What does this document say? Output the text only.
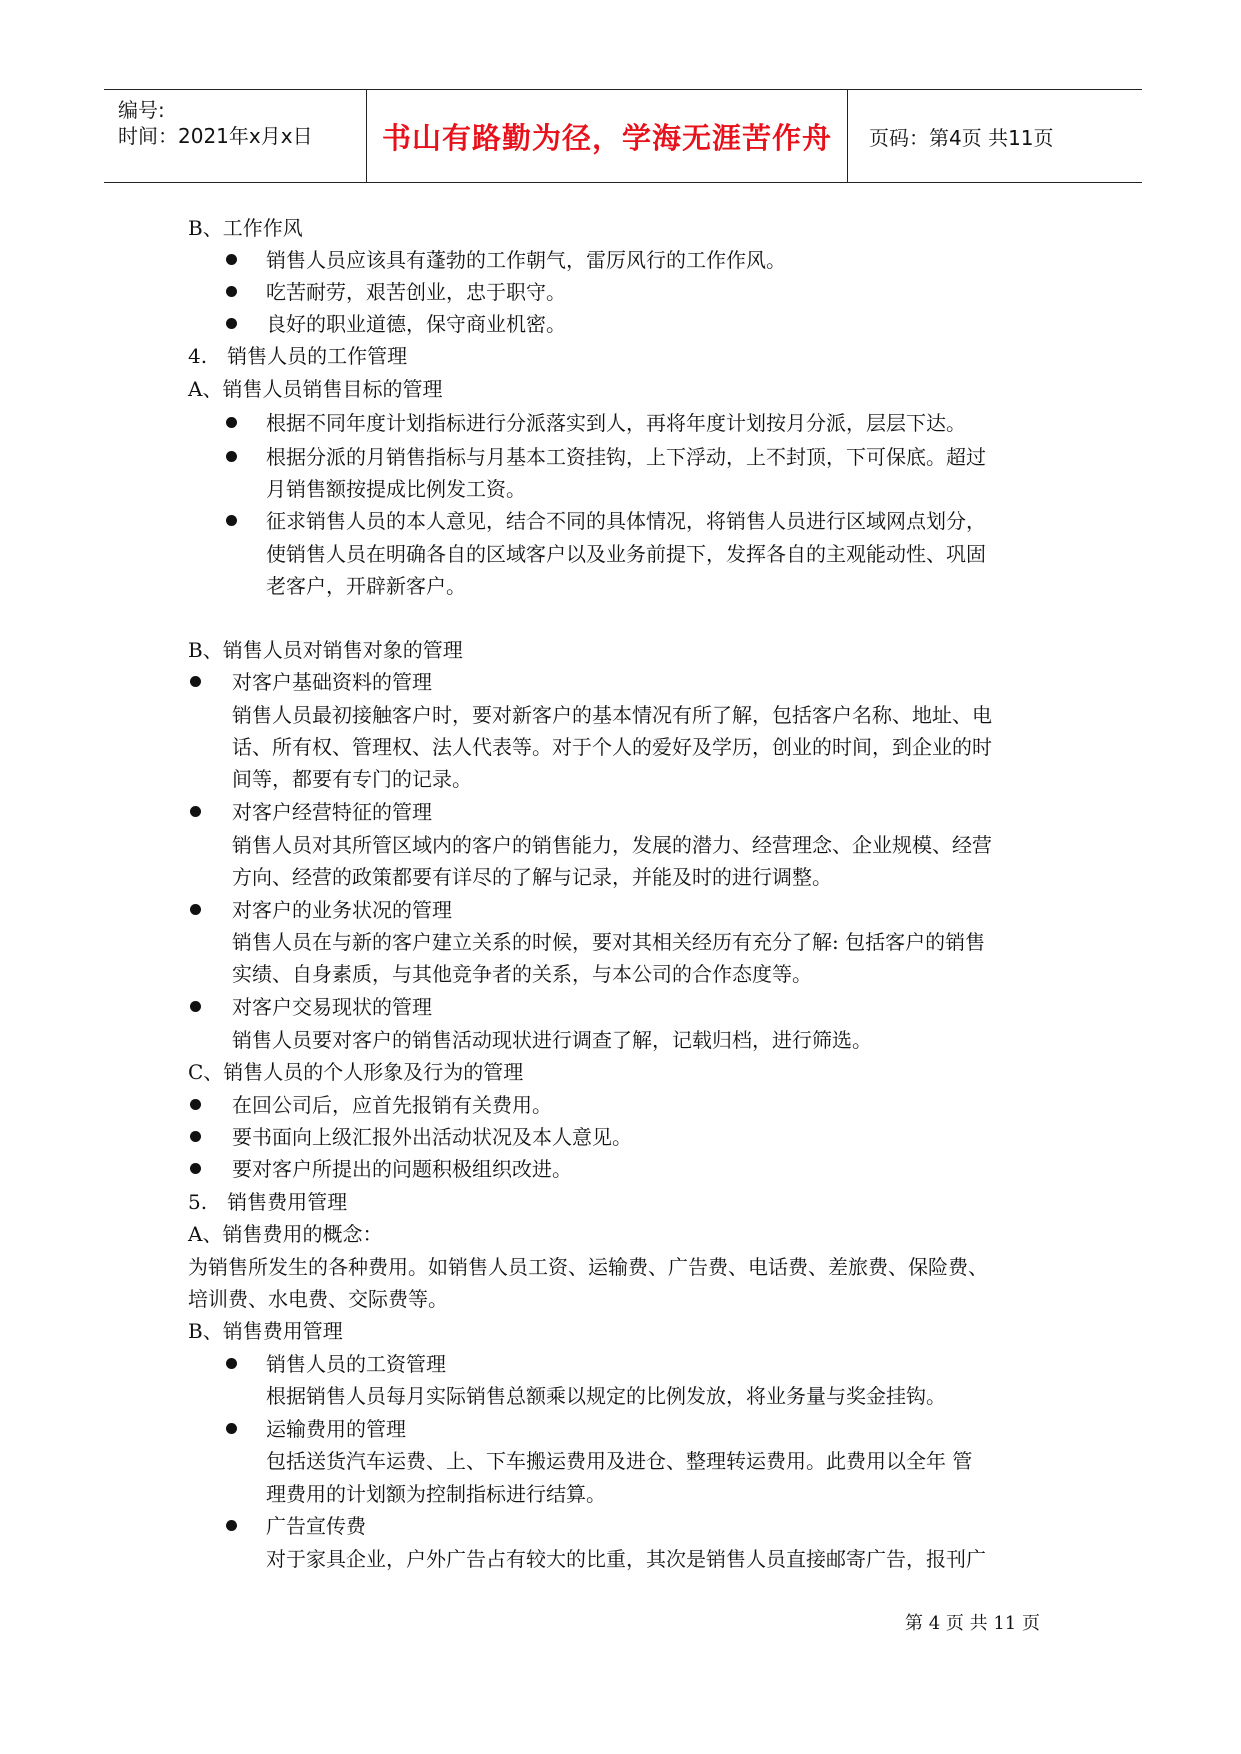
编号:
时间：2021年x月x日 书山有路勤为径，学海无涯苦作舟 页码：第4页 共11页
B、工作作风
销售人员应该具有蓬勃的工作朝气，雷厉风行的工作作风。
吃苦耐劳，艰苦创业，忠于职守。
良好的职业道德，保守商业机密。
4.　销售人员的工作管理
A、销售人员销售目标的管理
根据不同年度计划指标进行分派落实到人，再将年度计划按月分派，层层下达。
根据分派的月销售指标与月基本工资挂钩，上下浮动，上不封顶，下可保底。超过
月销售额按提成比例发工资。
征求销售人员的本人意见，结合不同的具体情况，将销售人员进行区域网点划分，
使销售人员在明确各自的区域客户以及业务前提下，发挥各自的主观能动性、巩固
老客户，开辟新客户。
B、销售人员对销售对象的管理
对客户基础资料的管理
销售人员最初接触客户时，要对新客户的基本情况有所了解，包括客户名称、地址、电
话、所有权、管理权、法人代表等。对于个人的爱好及学历，创业的时间，到企业的时
间等，都要有专门的记录。
对客户经营特征的管理
销售人员对其所管区域内的客户的销售能力，发展的潜力、经营理念、企业规模、经营
方向、经营的政策都要有详尽的了解与记录，并能及时的进行调整。
对客户的业务状况的管理
销售人员在与新的客户建立关系的时候，要对其相关经历有充分了解: 包括客户的销售
实绩、自身素质，与其他竞争者的关系，与本公司的合作态度等。
对客户交易现状的管理
销售人员要对客户的销售活动现状进行调查了解，记载归档，进行筛选。
C、销售人员的个人形象及行为的管理
在回公司后，应首先报销有关费用。
要书面向上级汇报外出活动状况及本人意见。
要对客户所提出的问题积极组织改进。
5.　销售费用管理
A、销售费用的概念：
为销售所发生的各种费用。如销售人员工资、运输费、广告费、电话费、差旅费、保险费、
培训费、水电费、交际费等。
B、销售费用管理
销售人员的工资管理
根据销售人员每月实际销售总额乘以规定的比例发放，将业务量与奖金挂钩。
运输费用的管理
包括送货汽车运费、上、下车搬运费用及进仓、整理转运费用。此费用以全年 管
理费用的计划额为控制指标进行结算。
广告宣传费
对于家具企业，户外广告占有较大的比重，其次是销售人员直接邮寄广告，报刊广
第 4 页 共 11 页
